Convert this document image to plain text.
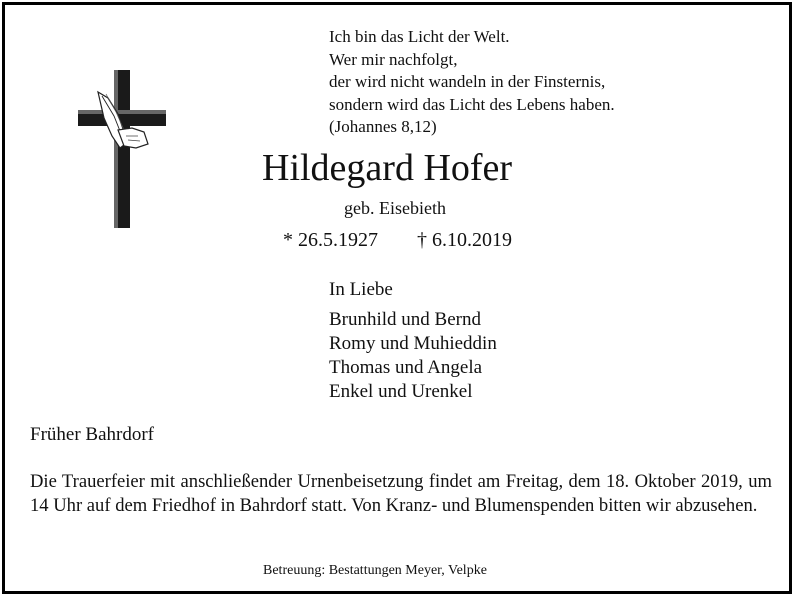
Ich bin das Licht der Welt.
Wer mir nachfolgt,
der wird nicht wandeln in der Finsternis,
sondern wird das Licht des Lebens haben.
(Johannes 8,12)
Hildegard Hofer
geb. Eisebieth
* 26.5.1927 † 6.10.2019
In Liebe
Brunhild und Bernd
Romy und Muhieddin
Thomas und Angela
Enkel und Urenkel
Früher Bahrdorf
Die Trauerfeier mit anschließender Urnenbeisetzung findet am Freitag, dem 18. Oktober 2019, um 14 Uhr auf dem Friedhof in Bahrdorf statt. Von Kranz- und Blumenspenden bitten wir abzusehen.
Betreuung: Bestattungen Meyer, Velpke
